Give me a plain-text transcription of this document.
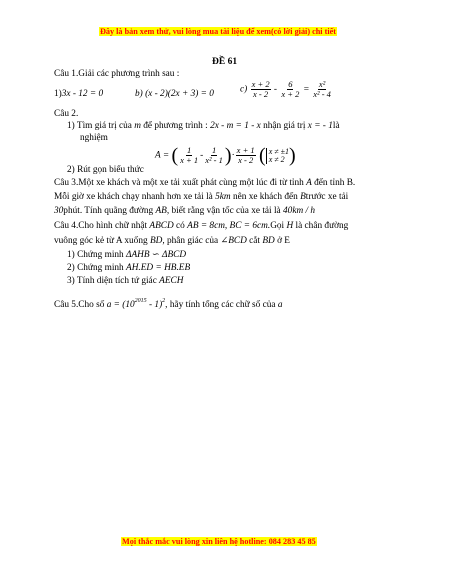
Đây là bản xem thử, vui lòng mua tài liệu để xem(có lời giải) chi tiết
ĐỀ 61
Câu 1.Giải các phương trình sau :
1)3x - 12 = 0	b) (x - 2)(2x + 3) = 0	$c) \frac{x + 2}{x - 2} - \frac{6}{x + 2} = \frac{\text{x²}}{\text{x² - 4}}$
Câu 2.
1) Tìm giá trị của m để phương trình : 2x - m = 1 - x nhận giá trị x = - 1là
nghiệm
A = ( $\frac{1}{x + 1} - \frac{1}{\text{x² - 1}}$ )· $\frac{x + 1}{x - 2}$ ( x ≠ ±1
x ≠ 2 )
2) Rút gọn biểu thức
Câu 3.Một xe khách và một xe tải xuất phát cùng một lúc đi từ tỉnh A đến tỉnh B.
Mỗi giờ xe khách chạy nhanh hơn xe tải là 5km nên xe khách đến Btrước xe tải
30phút. Tính quãng đường AB, biết rằng vận tốc của xe tải là 40km / h
Câu 4.Cho hình chữ nhật ABCD có AB = 8cm, BC = 6cm.Gọi H là chân đường
vuông góc kẻ từ A xuống BD, phân giác của ∠BCD cắt BD ở E
1) Chứng minh ΔAHB ∽ ΔBCD
2) Chứng minh AH.ED = HB.EB
3) Tính diện tích tứ giác AECH
Câu 5.Cho số $a = (10^{2015} - 1)^2$, hãy tính tổng các chữ số của a
Mọi thắc mắc vui lòng xin liên hệ hotline: 084 283 45 85
